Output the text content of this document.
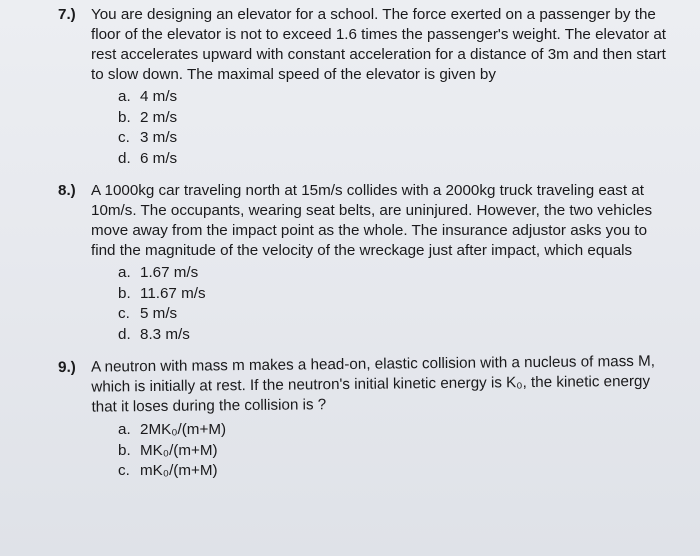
7.) You are designing an elevator for a school. The force exerted on a passenger by the floor of the elevator is not to exceed 1.6 times the passenger's weight. The elevator at rest accelerates upward with constant acceleration for a distance of 3m and then start to slow down. The maximal speed of the elevator is given by
a. 4 m/s
b. 2 m/s
c. 3 m/s
d. 6 m/s
8.) A 1000kg car traveling north at 15m/s collides with a 2000kg truck traveling east at 10m/s. The occupants, wearing seat belts, are uninjured. However, the two vehicles move away from the impact point as the whole. The insurance adjustor asks you to find the magnitude of the velocity of the wreckage just after impact, which equals
a. 1.67 m/s
b. 11.67 m/s
c. 5 m/s
d. 8.3 m/s
9.) A neutron with mass m makes a head-on, elastic collision with a nucleus of mass M, which is initially at rest. If the neutron's initial kinetic energy is K₀, the kinetic energy that it loses during the collision is ?
a. 2MK₀/(m+M)
b. MK₀/(m+M)
c. mK₀/(m+M)
